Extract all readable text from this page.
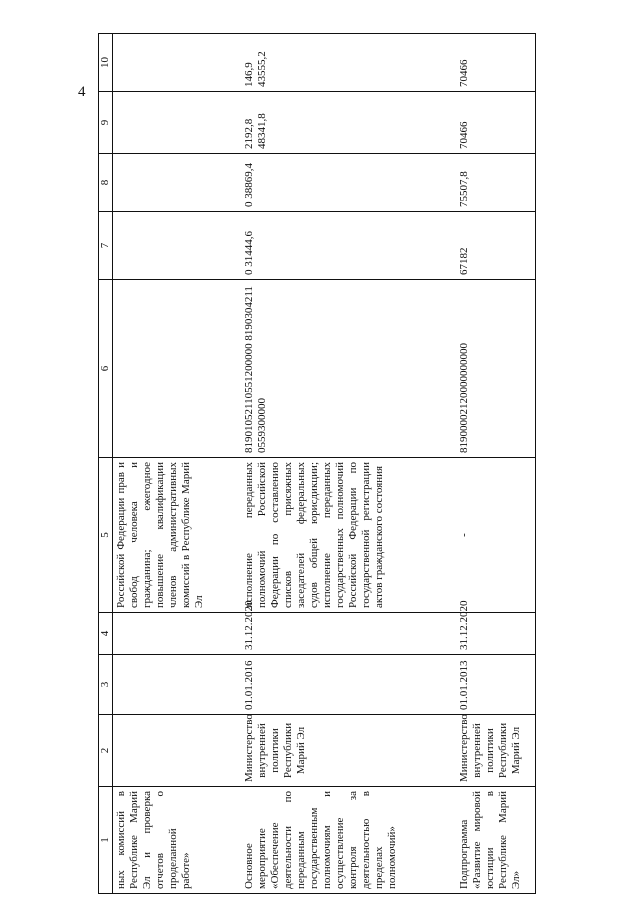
4
1	2	3	4	5	6	7	8	9	10
ных комиссий в Республике Марий Эл и проверка отчетов о проделанной работе»				Российской Федерации прав и свобод человека и гражданина; ежегодное повышение квалификации членов административных комиссий в Республике Марий Эл					
Основное мероприятие «Обеспечение деятельности по переданным государственным полномочиям и осуществление контроля за деятельностью в пределах полномочий»	Министерство внутренней политики Республики Марий Эл	01.01.2016	31.12.2020	исполнение переданных полномочий Российской Федерации по составлению списков присяжных заседателей федеральных судов общей юрисдикции; исполнение переданных государственных полномочий Российской Федерации по государственной регистрации актов гражданского состояния	81901052110551200000 81903042110559300000	0 31444,6	0 38869,4	2192,8 48341,8	146,9 43555,2
Подпрограмма «Развитие мировой юстиции в Республике Марий Эл»	Министерство внутренней политики Республики Марий Эл	01.01.2013	31.12.2020	-	81900002120000000000	67182	75507,8	70466	70466
